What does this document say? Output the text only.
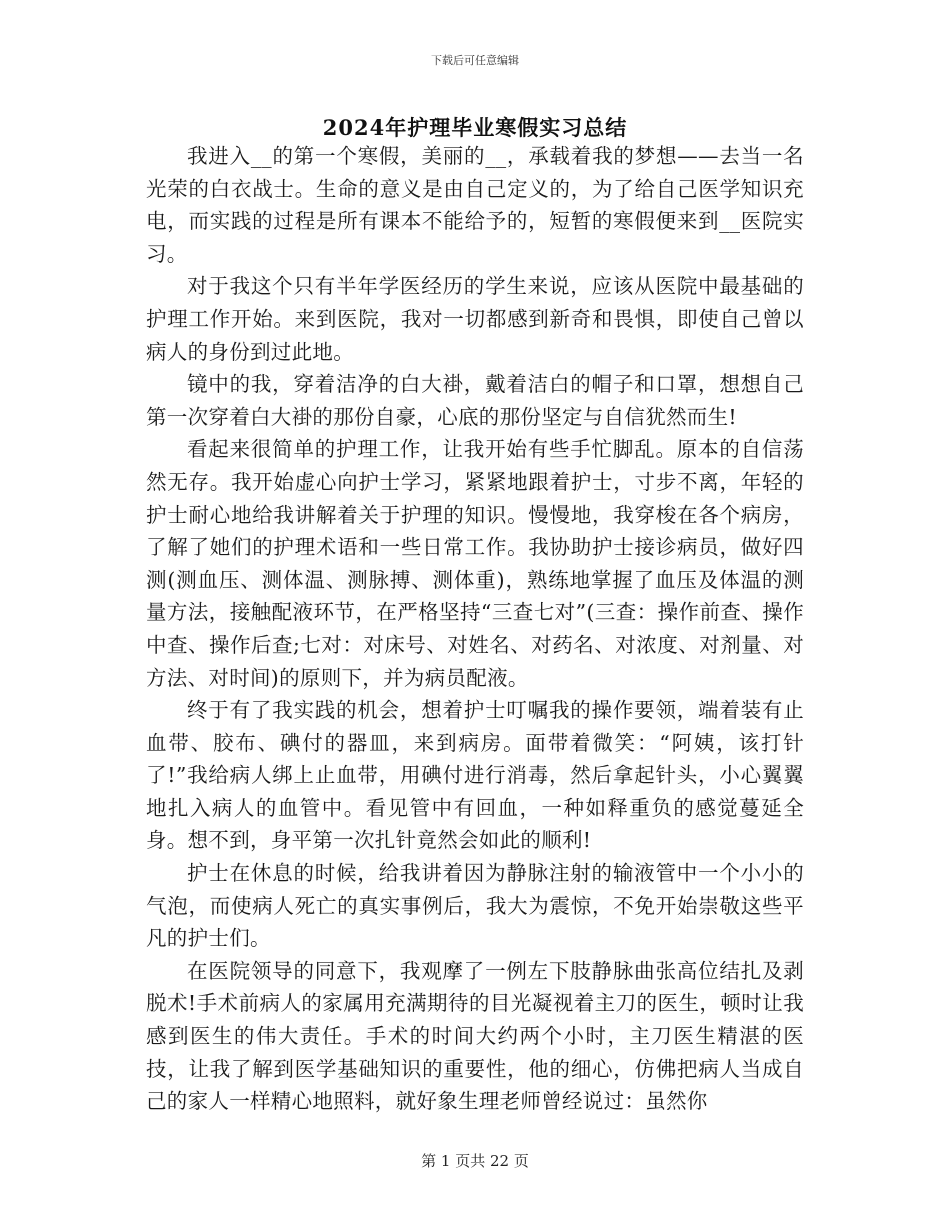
下载后可任意编辑
2024年护理毕业寒假实习总结

我进入__的第一个寒假，美丽的__，承载着我的梦想——去当一名光荣的白衣战士。生命的意义是由自己定义的，为了给自己医学知识充电，而实践的过程是所有课本不能给予的，短暂的寒假便来到__医院实习。

对于我这个只有半年学医经历的学生来说，应该从医院中最基础的护理工作开始。来到医院，我对一切都感到新奇和畏惧，即使自己曾以病人的身份到过此地。

镜中的我，穿着洁净的白大褂，戴着洁白的帽子和口罩，想想自己第一次穿着白大褂的那份自豪，心底的那份坚定与自信犹然而生!

看起来很简单的护理工作，让我开始有些手忙脚乱。原本的自信荡然无存。我开始虚心向护士学习，紧紧地跟着护士，寸步不离，年轻的护士耐心地给我讲解着关于护理的知识。慢慢地，我穿梭在各个病房，了解了她们的护理术语和一些日常工作。我协助护士接诊病员，做好四测(测血压、测体温、测脉搏、测体重)，熟练地掌握了血压及体温的测量方法，接触配液环节，在严格坚持“三查七对”(三查：操作前查、操作中查、操作后查;七对：对床号、对姓名、对药名、对浓度、对剂量、对方法、对时间)的原则下，并为病员配液。

终于有了我实践的机会，想着护士叮嘱我的操作要领，端着装有止血带、胶布、碘付的器皿，来到病房。面带着微笑：“阿姨，该打针了!”我给病人绑上止血带，用碘付进行消毒，然后拿起针头，小心翼翼地扎入病人的血管中。看见管中有回血，一种如释重负的感觉蔓延全身。想不到，身平第一次扎针竟然会如此的顺利!

护士在休息的时候，给我讲着因为静脉注射的输液管中一个小小的气泡，而使病人死亡的真实事例后，我大为震惊，不免开始崇敬这些平凡的护士们。

在医院领导的同意下，我观摩了一例左下肢静脉曲张高位结扎及剥脱术!手术前病人的家属用充满期待的目光凝视着主刀的医生，顿时让我感到医生的伟大责任。手术的时间大约两个小时，主刀医生精湛的医技，让我了解到医学基础知识的重要性，他的细心，仿佛把病人当成自己的家人一样精心地照料，就好象生理老师曾经说过：虽然你

第 1 页共 22 页
